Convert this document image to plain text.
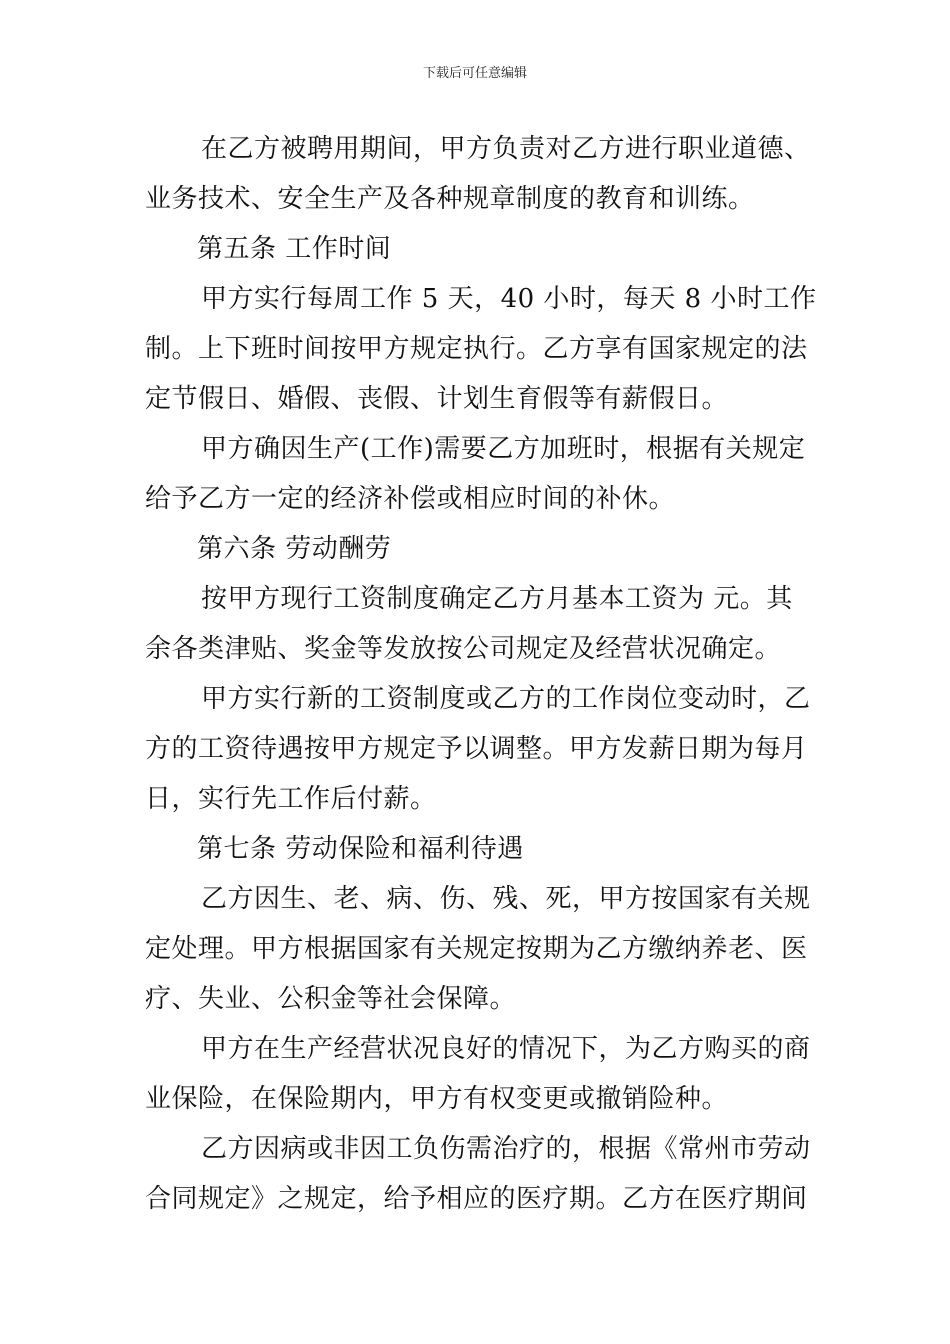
下载后可任意编辑

在乙方被聘用期间，甲方负责对乙方进行职业道德、业务技术、安全生产及各种规章制度的教育和训练。

第五条 工作时间

甲方实行每周工作 5 天，40 小时，每天 8 小时工作制。上下班时间按甲方规定执行。乙方享有国家规定的法定节假日、婚假、丧假、计划生育假等有薪假日。

甲方确因生产(工作)需要乙方加班时，根据有关规定给予乙方一定的经济补偿或相应时间的补休。

第六条 劳动酬劳

按甲方现行工资制度确定乙方月基本工资为 元。其余各类津贴、奖金等发放按公司规定及经营状况确定。

甲方实行新的工资制度或乙方的工作岗位变动时，乙方的工资待遇按甲方规定予以调整。甲方发薪日期为每月日，实行先工作后付薪。

第七条 劳动保险和福利待遇

乙方因生、老、病、伤、残、死，甲方按国家有关规定处理。甲方根据国家有关规定按期为乙方缴纳养老、医疗、失业、公积金等社会保障。

甲方在生产经营状况良好的情况下，为乙方购买的商业保险，在保险期内，甲方有权变更或撤销险种。

乙方因病或非因工负伤需治疗的，根据《常州市劳动合同规定》之规定，给予相应的医疗期。乙方在医疗期间
